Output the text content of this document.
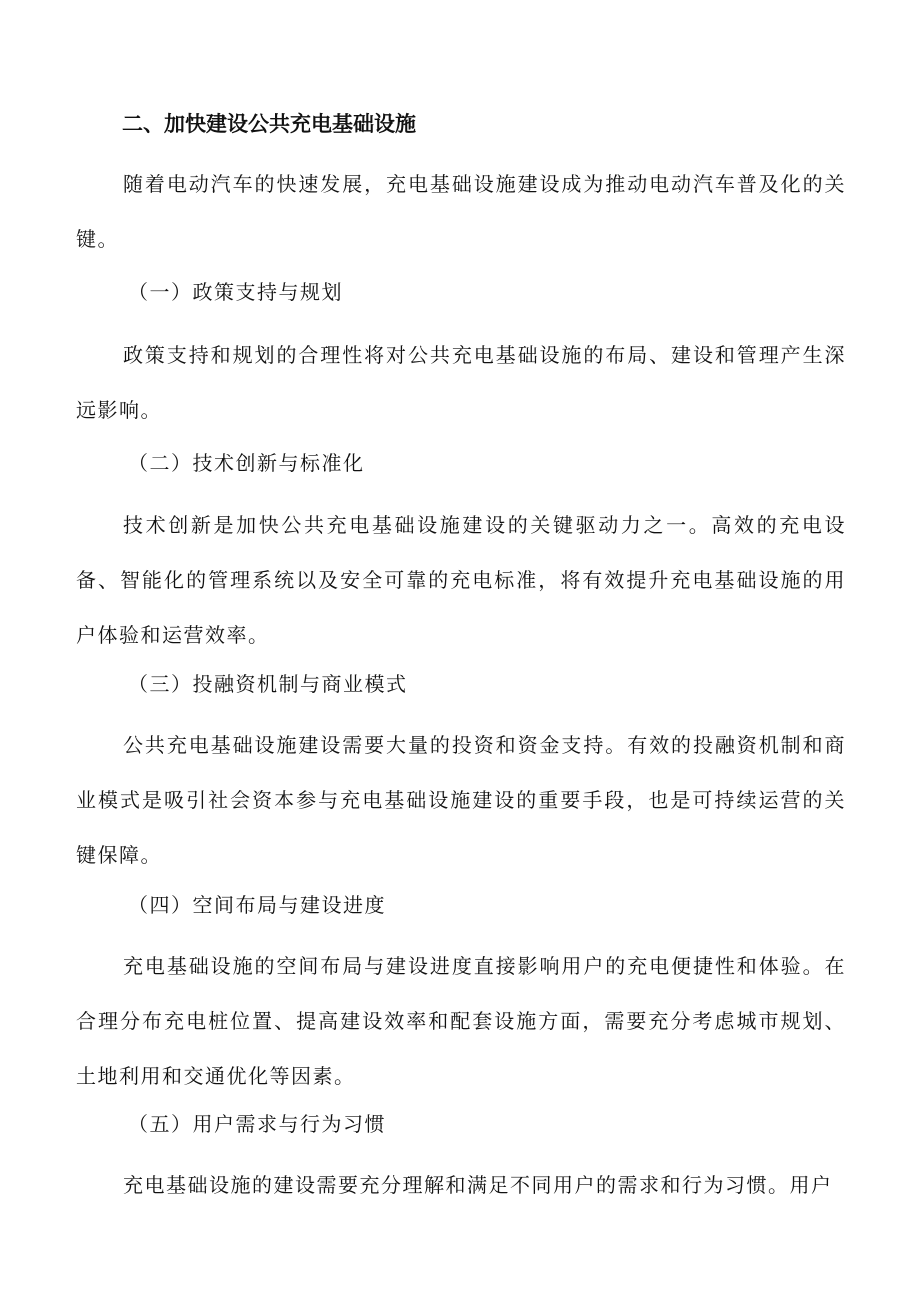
二、加快建设公共充电基础设施

随着电动汽车的快速发展，充电基础设施建设成为推动电动汽车普及化的关键。

（一）政策支持与规划

政策支持和规划的合理性将对公共充电基础设施的布局、建设和管理产生深远影响。

（二）技术创新与标准化

技术创新是加快公共充电基础设施建设的关键驱动力之一。高效的充电设备、智能化的管理系统以及安全可靠的充电标准，将有效提升充电基础设施的用户体验和运营效率。

（三）投融资机制与商业模式

公共充电基础设施建设需要大量的投资和资金支持。有效的投融资机制和商业模式是吸引社会资本参与充电基础设施建设的重要手段，也是可持续运营的关键保障。

（四）空间布局与建设进度

充电基础设施的空间布局与建设进度直接影响用户的充电便捷性和体验。在合理分布充电桩位置、提高建设效率和配套设施方面，需要充分考虑城市规划、土地利用和交通优化等因素。

（五）用户需求与行为习惯

充电基础设施的建设需要充分理解和满足不同用户的需求和行为习惯。用户
